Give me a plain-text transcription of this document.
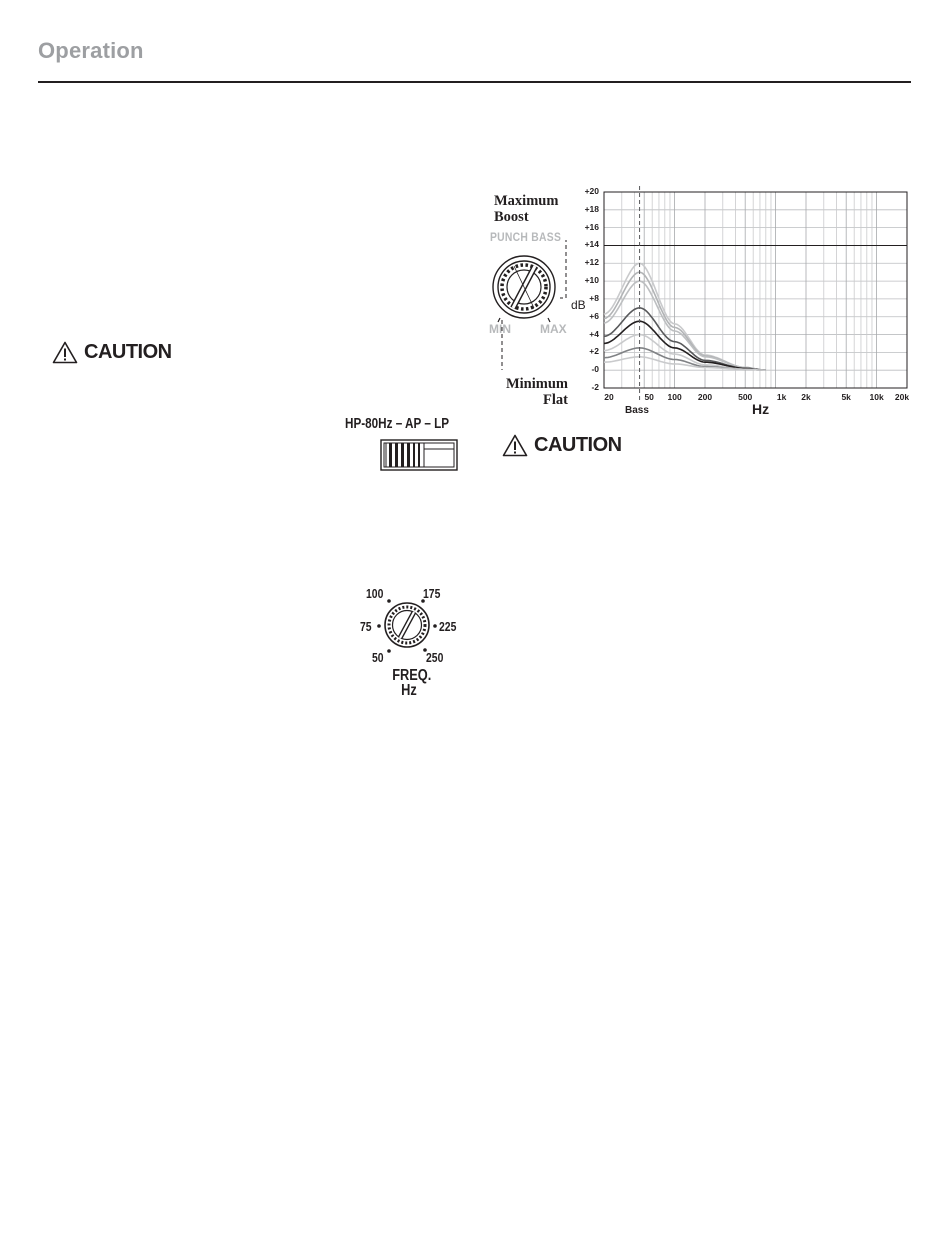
Operation
CAUTION
CAUTION
HP-80Hz – AP – LP
100	175
75	225
50	250
FREQ.
Hz
Maximum
Boost
PUNCH BASS
MIN MAX
Minimum
Flat
dB
+20
+18
+16
+14
+12
+10
+8
+6
+4
+2
-0
-2
20	50 100 200	500	1k 2k	5k 10k 20k
Bass	Hz
